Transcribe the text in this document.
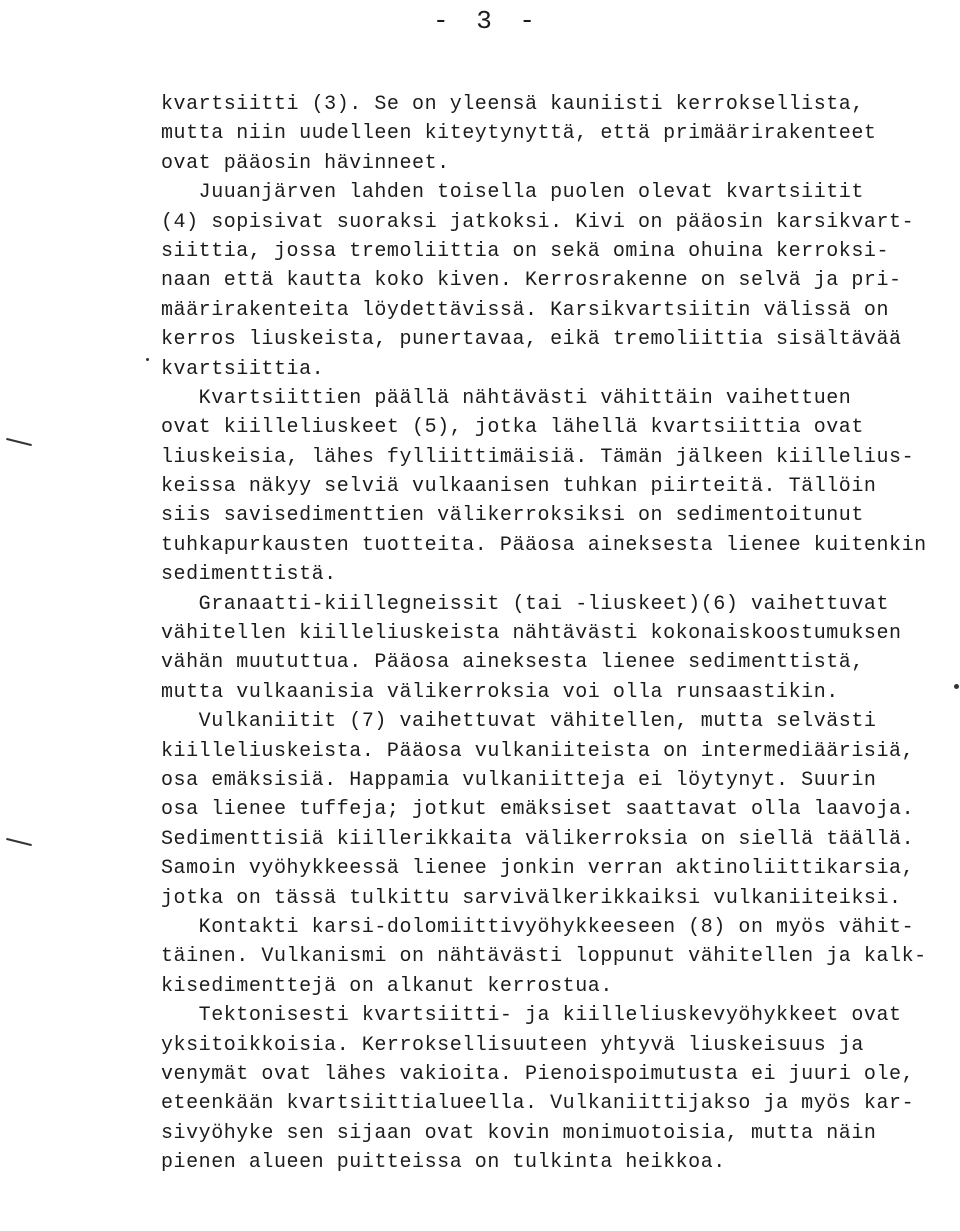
- 3 -
kvartsiitti (3). Se on yleensä kauniisti kerroksellista,
mutta niin uudelleen kiteytynyttä, että primäärirakenteet
ovat pääosin hävinneet.
Juuanjärven lahden toisella puolen olevat kvartsiitit
(4) sopisivat suoraksi jatkoksi. Kivi on pääosin karsikvart-
siittia, jossa tremoliittia on sekä omina ohuina kerroksi-
naan että kautta koko kiven. Kerrosrakenne on selvä ja pri-
määrirakenteita löydettävissä. Karsikvartsiitin välissä on
kerros liuskeista, punertavaa, eikä tremoliittia sisältävää
kvartsiittia.
Kvartsiittien päällä nähtävästi vähittäin vaihettuen
ovat kiilleliuskeet (5), jotka lähellä kvartsiittia ovat
liuskeisia, lähes fylliittimäisiä. Tämän jälkeen kiillelius-
keissa näkyy selviä vulkaanisen tuhkan piirteitä. Tällöin
siis savisedimenttien välikerroksiksi on sedimentoitunut
tuhkapurkausten tuotteita. Pääosa aineksesta lienee kuitenkin
sedimenttistä.
Granaatti-kiillegneissit (tai -liuskeet)(6) vaihettuvat
vähitellen kiilleliuskeista nähtävästi kokonaiskoostumuksen
vähän muututtua. Pääosa aineksesta lienee sedimenttistä,
mutta vulkaanisia välikerroksia voi olla runsaastikin.
Vulkaniitit (7) vaihettuvat vähitellen, mutta selvästi
kiilleliuskeista. Pääosa vulkaniiteista on intermediäärisiä,
osa emäksisiä. Happamia vulkaniitteja ei löytynyt. Suurin
osa lienee tuffeja; jotkut emäksiset saattavat olla laavoja.
Sedimenttisiä kiillerikkaita välikerroksia on siellä täällä.
Samoin vyöhykkeessä lienee jonkin verran aktinoliittikarsia,
jotka on tässä tulkittu sarvivälkerikkaiksi vulkaniiteiksi.
Kontakti karsi-dolomiittivyöhykkeeseen (8) on myös vähit-
täinen. Vulkanismi on nähtävästi loppunut vähitellen ja kalk-
kisedimenttejä on alkanut kerrostua.
Tektonisesti kvartsiitti- ja kiilleliuskevyöhykkeet ovat
yksitoikkoisia. Kerroksellisuuteen yhtyvä liuskeisuus ja
venymät ovat lähes vakioita. Pienoispoimutusta ei juuri ole,
eteenkään kvartsiittialueella. Vulkaniittijakso ja myös kar-
sivyöhyke sen sijaan ovat kovin monimuotoisia, mutta näin
pienen alueen puitteissa on tulkinta heikkoa.
